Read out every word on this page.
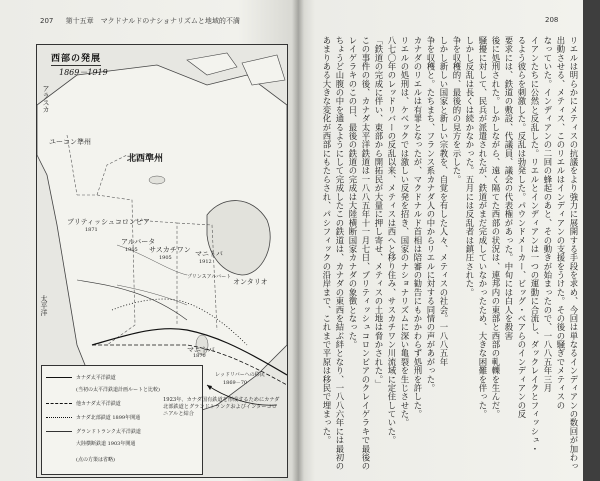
207 第十五章　マクドナルドのナショナリズムと地域的不満	208
西部の発展
1869－1919
アラスカ
ユーコン準州
北西準州
ブリティッシュコロンビア
1871
アルバータ
1905 サスカチワン
1905	マニトバ
1912
プリンスアルバート
オンタリオ
マニトバ
1870
レッドリバーへの移民
1869－70
太平洋
カナダ太平洋鉄道
(当初の太平洋鉄道計画ルートと比較)
他カナダ太平洋鉄道
カナダ北部鉄道 1899年開通
グランドトランク太平洋鉄道
大陸横断鉄道 1903年開通
(点の方策は省略)
1923年、カナダ国有鉄道を形成するためにカナダ北部鉄道とグランドトランクおよびインターコロニアルと結合
リエルは明らかにメティスの抗議をより強力に展開する手段を求め、今回は単なるインディアンの数回が加わっ
出動させる、メティス、このリエルはインディアンの支援をうけた。その後の騒ぎでメティスの
なっていた。インディアンの二回の蜂起のあと、その動きが始まったので、一八八五年三月
イアンたちに公然と反乱した。リエルとインディアンは一つの運動に合流し、ダックレイクとフィッシュ・
るよう彼らを刺激した。反乱は勃発した。パウンドメーカー、ビッグ・ベアらのインディアンの反
要求には、鉄道の敷設、代議員、議会の代表権があった。中旬には白人を殺害
後に処刑された。しかしながら、遠く隔てた西部の状況は、連邦内の東部と西部の軋轢を生んだ。
騒擾に対して、民兵が派遣されたが、鉄道がまだ完成していなかったため、大きな困難を伴った。
しかし反乱は長くは続かなかった。五月には反乱者は鎮圧された。
争を収穫的、最後的の見方を示した。
しかし新しい国家と新しい宗教を、自覚を有した人々、メティスの社会。一八八五年
争を収穫と。たちまち、フランス系カナダ人の中からリエルに対する同情の声があがった。
カナダのリエルは有罪となったが、マクドナルド首相は陪審の勧告にもかかわらず処刑を許した。
リエルの処刑は、ケベックでは激しい反発を招き、国家のナショナリズムに深い亀裂を生じさせた。
八七〇年のレッドリバーの反乱以来、メティスは西へと移り住み、サスカチワン川流域に定住していた。
「鉄道の完成に伴い、東部から開拓民が大量に押し寄せ、メティスの土地は脅かされた。」
この事件の後、カナダ太平洋鉄道は一八八五年十一月七日、ブリティッシュコロンビアのクレイゲラキで最後の
レイゲラキのこの日、最後の鉄道の完成は大陸横断国家カナダの象徴となった。
ちょうど山腹の中を通るようにして完成したこの鉄道は、カナダの東西を結ぶ絆となり、一八八六年には最初の
あまりある大きな変化が西部にもたらされ、パシフィックの沿岸まで、これまで平原は移民で埋まった。
